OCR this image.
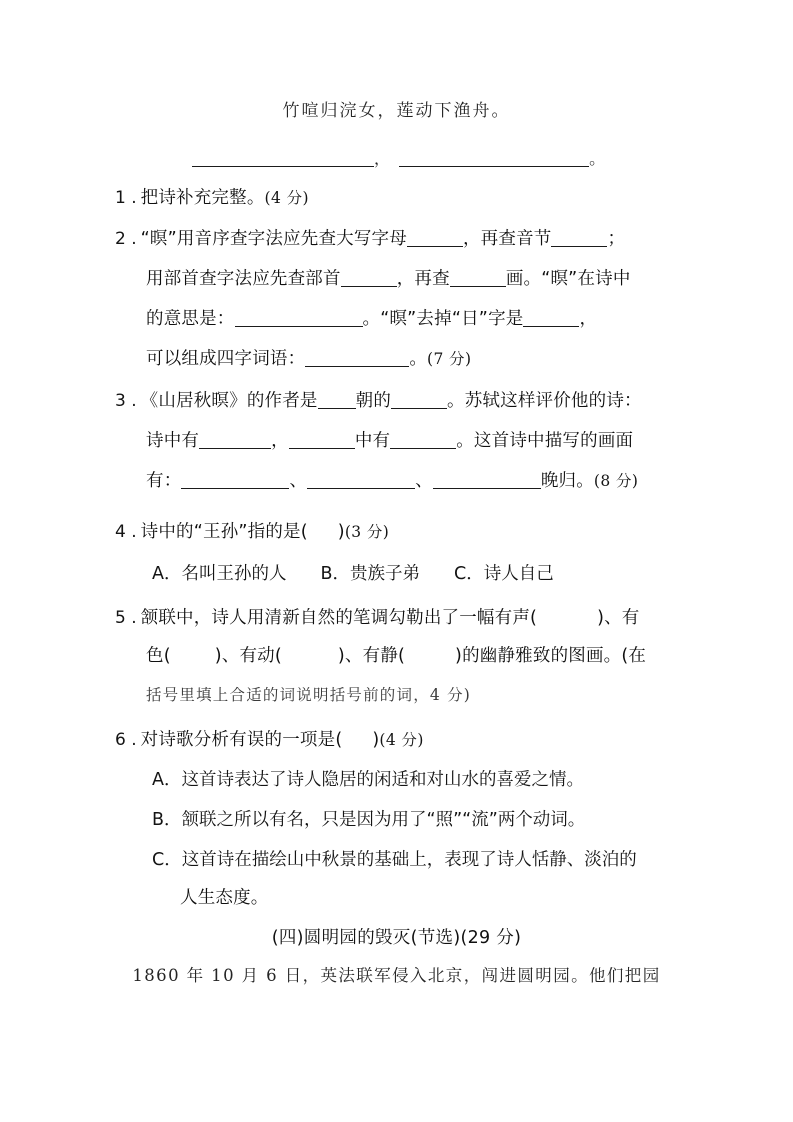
竹喧归浣女，莲动下渔舟。
，	。
1 . 把诗补充完整。(4 分)
2 . “暝”用音序查字法应先查大写字母	，再查音节	；
用部首查字法应先查部首	，再查	画。“暝”在诗中
的意思是：	。“暝”去掉“日”字是	，
可以组成四字词语：	。(7 分)
3 . 《山居秋暝》的作者是 朝的	。苏轼这样评价他的诗：
诗中有	，	中有	。这首诗中描写的画面
有：	、	、	晚归。(8 分)
4 . 诗中的“王孙”指的是( )(3 分)
A．名叫王孙的人 B．贵族子弟 C．诗人自己
5 . 颔联中，诗人用清新自然的笔调勾勒出了一幅有声(	)、有
色(	)、有动(	)、有静(	)的幽静雅致的图画。(在
括号里填上合适的词说明括号前的词，4 分)
6 . 对诗歌分析有误的一项是( )(4 分)
A．这首诗表达了诗人隐居的闲适和对山水的喜爱之情。
B．颔联之所以有名，只是因为用了“照”“流”两个动词。
C．这首诗在描绘山中秋景的基础上，表现了诗人恬静、淡泊的
人生态度。
(四)圆明园的毁灭(节选)(29 分)
1860 年 10 月 6 日，英法联军侵入北京，闯进圆明园。他们把园
